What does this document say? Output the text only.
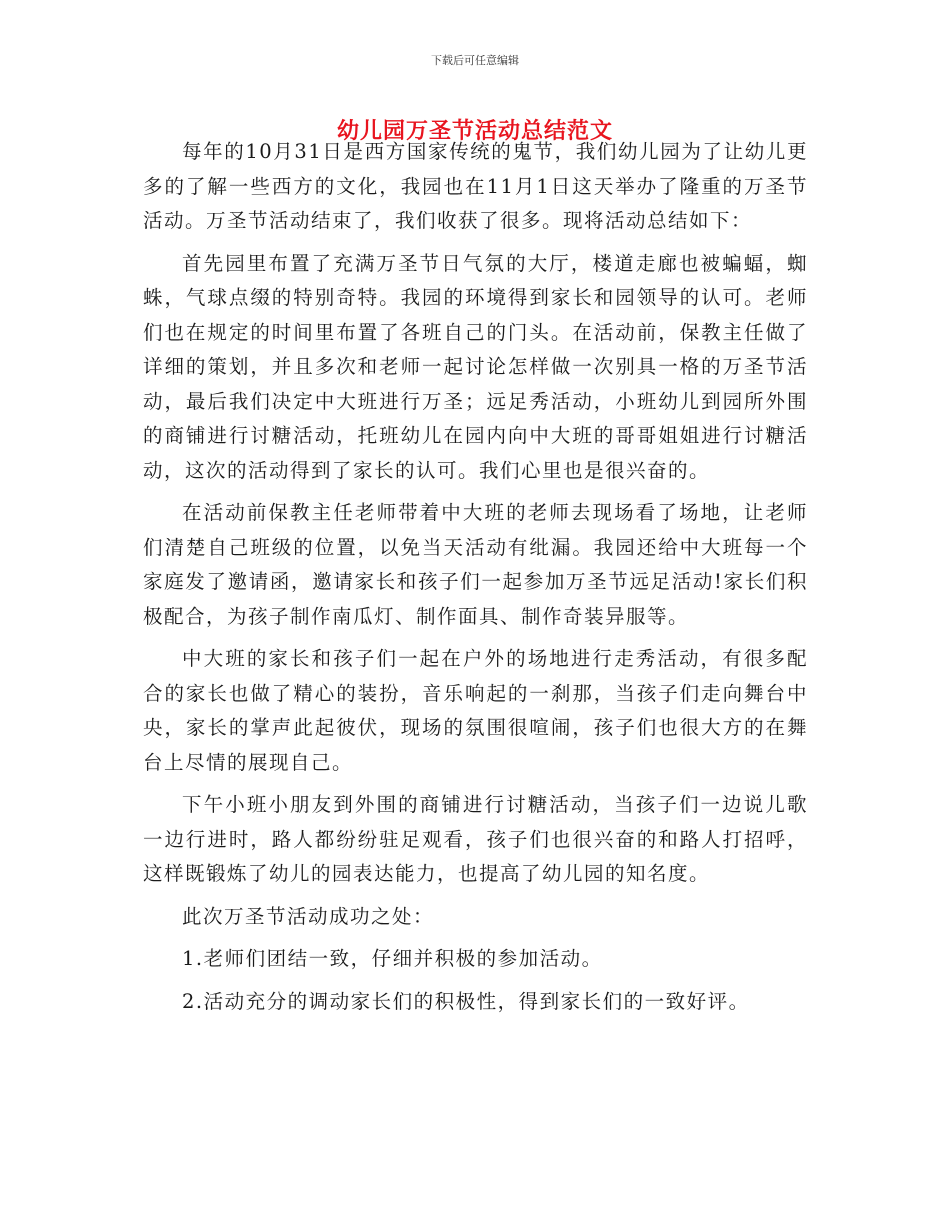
下载后可任意编辑
幼儿园万圣节活动总结范文

每年的10月31日是西方国家传统的鬼节，我们幼儿园为了让幼儿更多的了解一些西方的文化，我园也在11月1日这天举办了隆重的万圣节活动。万圣节活动结束了，我们收获了很多。现将活动总结如下：

首先园里布置了充满万圣节日气氛的大厅，楼道走廊也被蝙蝠，蜘蛛，气球点缀的特别奇特。我园的环境得到家长和园领导的认可。老师们也在规定的时间里布置了各班自己的门头。在活动前，保教主任做了详细的策划，并且多次和老师一起讨论怎样做一次别具一格的万圣节活动，最后我们决定中大班进行万圣；远足秀活动，小班幼儿到园所外围的商铺进行讨糖活动，托班幼儿在园内向中大班的哥哥姐姐进行讨糖活动，这次的活动得到了家长的认可。我们心里也是很兴奋的。

在活动前保教主任老师带着中大班的老师去现场看了场地，让老师们清楚自己班级的位置，以免当天活动有纰漏。我园还给中大班每一个家庭发了邀请函，邀请家长和孩子们一起参加万圣节远足活动!家长们积极配合，为孩子制作南瓜灯、制作面具、制作奇装异服等。

中大班的家长和孩子们一起在户外的场地进行走秀活动，有很多配合的家长也做了精心的装扮，音乐响起的一刹那，当孩子们走向舞台中央，家长的掌声此起彼伏，现场的氛围很喧闹，孩子们也很大方的在舞台上尽情的展现自己。

下午小班小朋友到外围的商铺进行讨糖活动，当孩子们一边说儿歌一边行进时，路人都纷纷驻足观看，孩子们也很兴奋的和路人打招呼，这样既锻炼了幼儿的园表达能力，也提高了幼儿园的知名度。

此次万圣节活动成功之处：

1.老师们团结一致，仔细并积极的参加活动。

2.活动充分的调动家长们的积极性，得到家长们的一致好评。
